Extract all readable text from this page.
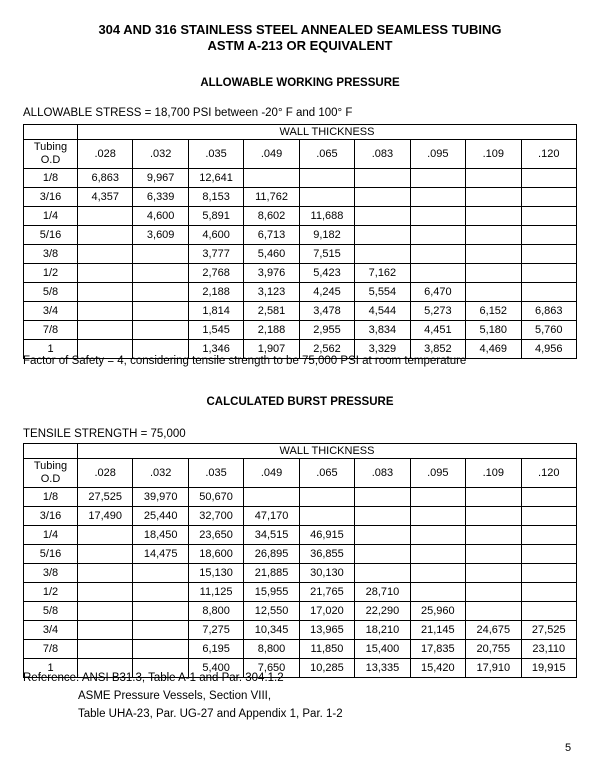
304 AND 316 STAINLESS STEEL ANNEALED SEAMLESS TUBING
ASTM A-213 OR EQUIVALENT
ALLOWABLE WORKING PRESSURE
ALLOWABLE STRESS = 18,700 PSI between -20° F and 100° F
	WALL THICKNESS								
Tubing
O.D	.028	.032	.035	.049	.065	.083	.095	.109	.120
1/8	6,863	9,967	12,641						
3/16	4,357	6,339	8,153	11,762					
1/4		4,600	5,891	8,602	11,688				
5/16		3,609	4,600	6,713	9,182				
3/8			3,777	5,460	7,515				
1/2			2,768	3,976	5,423	7,162			
5/8			2,188	3,123	4,245	5,554	6,470		
3/4			1,814	2,581	3,478	4,544	5,273	6,152	6,863
7/8			1,545	2,188	2,955	3,834	4,451	5,180	5,760
1			1,346	1,907	2,562	3,329	3,852	4,469	4,956
Factor of Safety = 4, considering tensile strength to be 75,000 PSI at room temperature
CALCULATED BURST PRESSURE
TENSILE STRENGTH = 75,000
	WALL THICKNESS								
Tubing
O.D	.028	.032	.035	.049	.065	.083	.095	.109	.120
1/8	27,525	39,970	50,670						
3/16	17,490	25,440	32,700	47,170					
1/4		18,450	23,650	34,515	46,915				
5/16		14,475	18,600	26,895	36,855				
3/8			15,130	21,885	30,130				
1/2			11,125	15,955	21,765	28,710			
5/8			8,800	12,550	17,020	22,290	25,960		
3/4			7,275	10,345	13,965	18,210	21,145	24,675	27,525
7/8			6,195	8,800	11,850	15,400	17,835	20,755	23,110
1			5,400	7,650	10,285	13,335	15,420	17,910	19,915
Reference: ANSI B31.3, Table A-1 and Par. 304.1.2
ASME Pressure Vessels, Section VIII,
Table UHA-23, Par. UG-27 and Appendix 1, Par. 1-2
5
